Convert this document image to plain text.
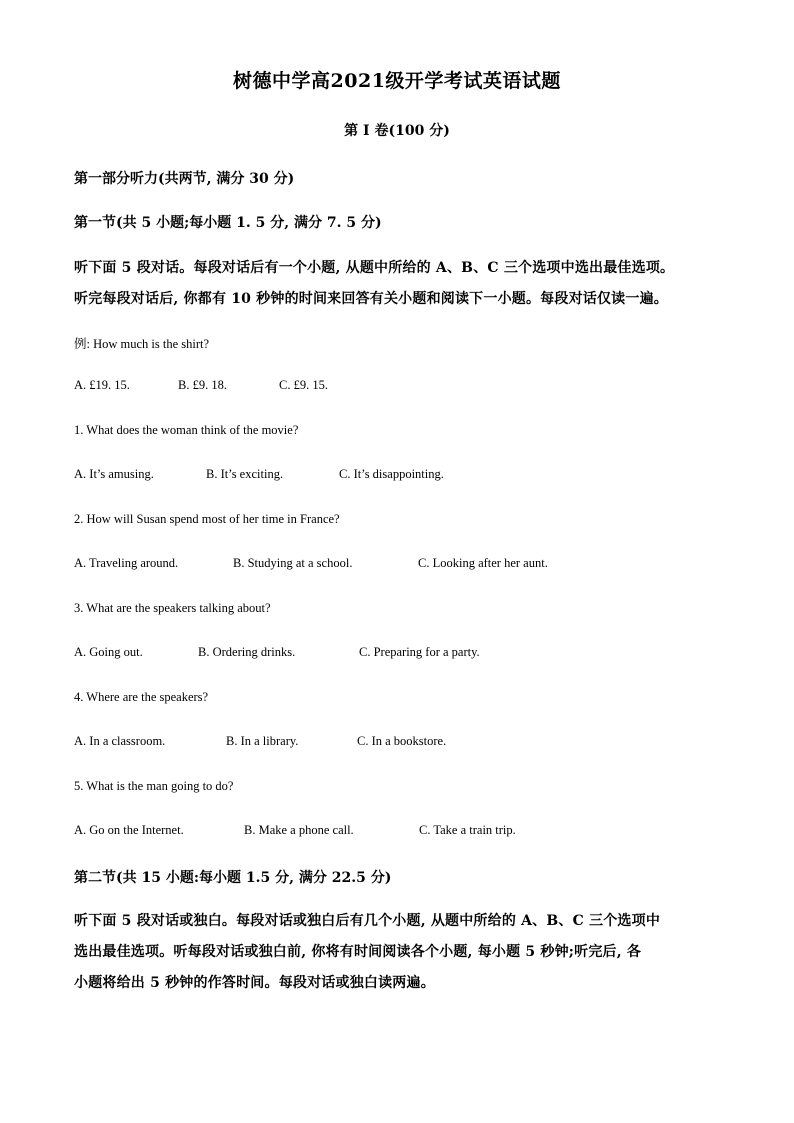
树德中学高2021级开学考试英语试题
第 I 卷(100 分)
第一部分听力(共两节, 满分 30 分)
第一节(共 5 小题;每小题 1. 5 分, 满分 7. 5 分)
听下面 5 段对话。每段对话后有一个小题, 从题中所给的 A、B、C 三个选项中选出最佳选项。
听完每段对话后, 你都有 10 秒钟的时间来回答有关小题和阅读下一小题。每段对话仅读一遍。
例: How much is the shirt?
A. £19. 15.	B. £9. 18.	C. £9. 15.
1. What does the woman think of the movie?
A. It’s amusing.	B. It’s exciting.	C. It’s disappointing.
2. How will Susan spend most of her time in France?
A. Traveling around.	B. Studying at a school.	C. Looking after her aunt.
3. What are the speakers talking about?
A. Going out.	B. Ordering drinks.	C. Preparing for a party.
4. Where are the speakers?
A. In a classroom.	B. In a library.	C. In a bookstore.
5. What is the man going to do?
A. Go on the Internet.	B. Make a phone call.	C. Take a train trip.
第二节(共 15 小题:每小题 1.5 分, 满分 22.5 分)
听下面 5 段对话或独白。每段对话或独白后有几个小题, 从题中所给的 A、B、C 三个选项中
选出最佳选项。听每段对话或独白前, 你将有时间阅读各个小题, 每小题 5 秒钟;听完后, 各
小题将给出 5 秒钟的作答时间。每段对话或独白读两遍。
